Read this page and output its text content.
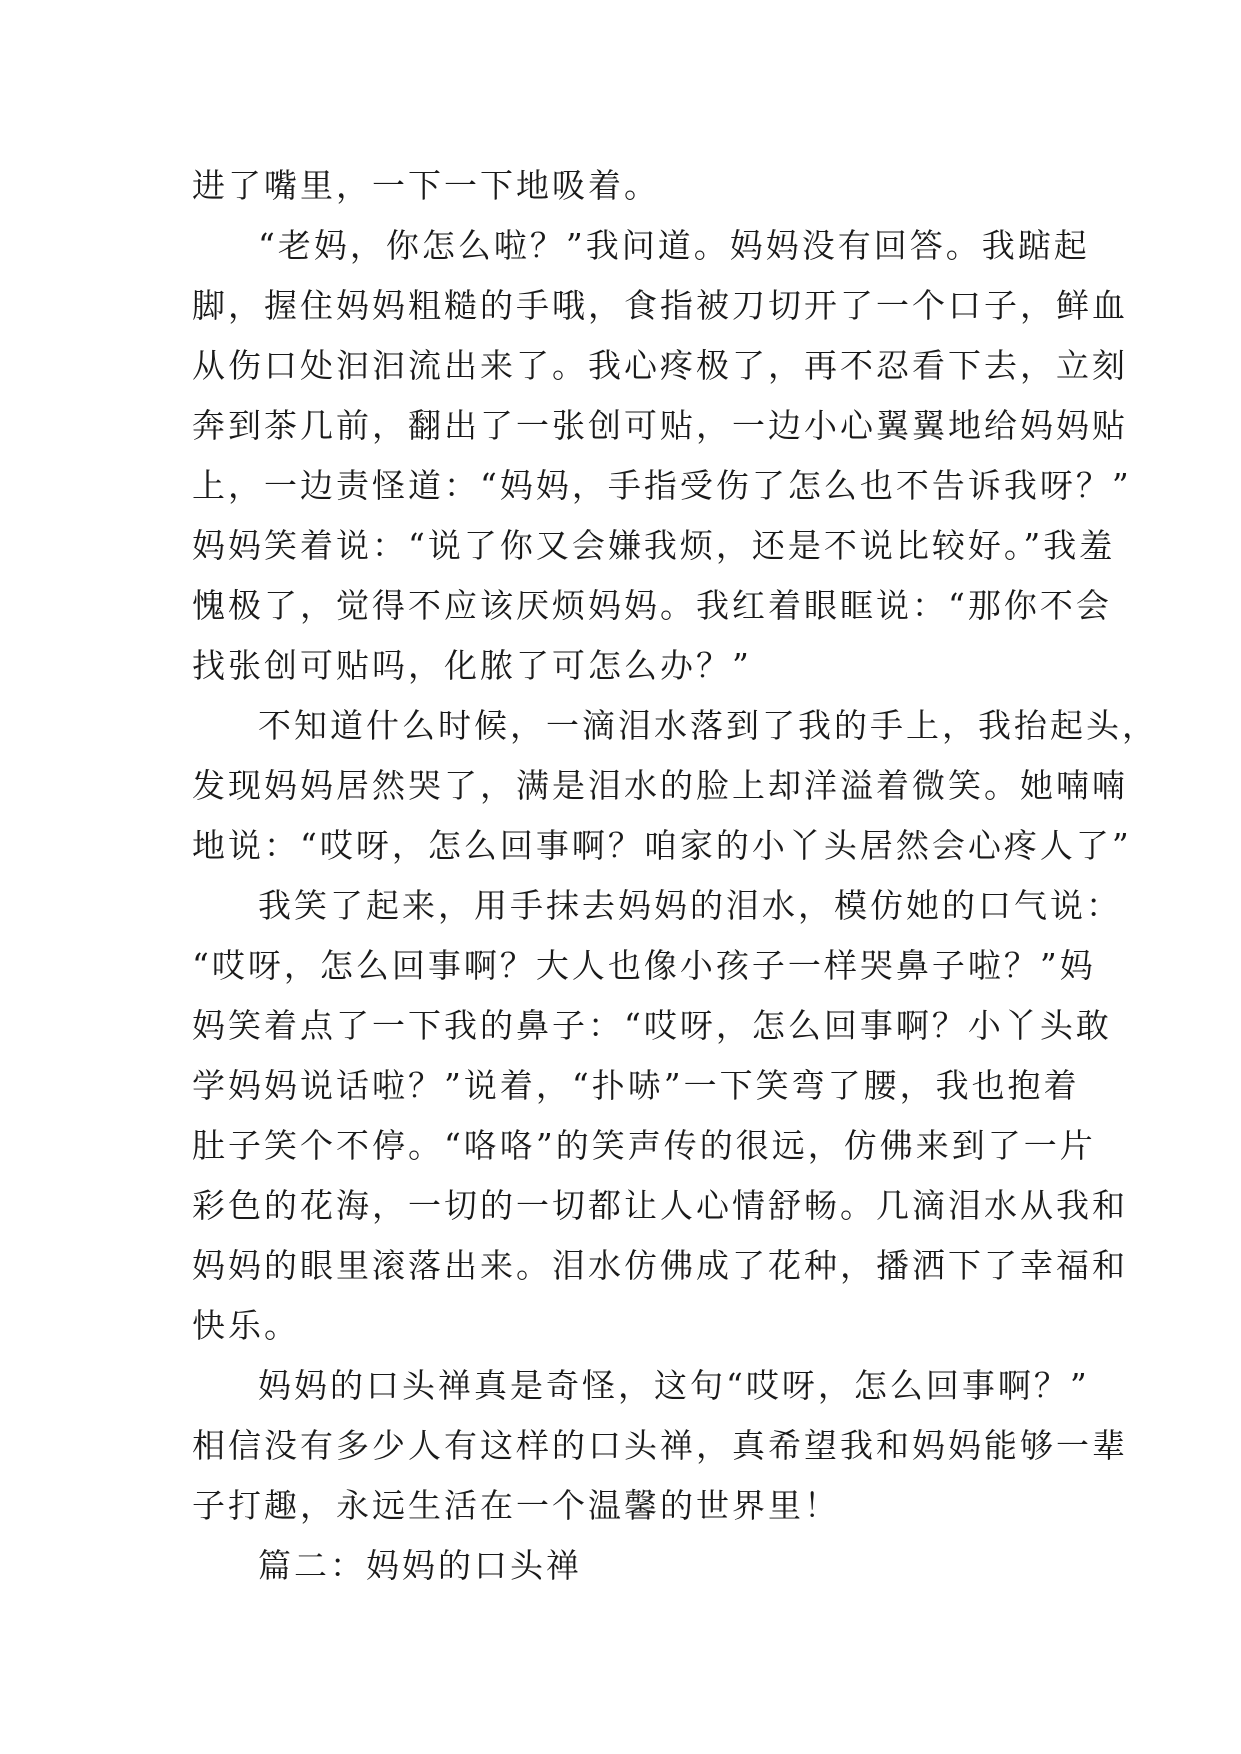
进了嘴里，一下一下地吸着。
“老妈，你怎么啦？”我问道。妈妈没有回答。我踮起
脚，握住妈妈粗糙的手哦，食指被刀切开了一个口子，鲜血
从伤口处汩汩流出来了。我心疼极了，再不忍看下去，立刻
奔到茶几前，翻出了一张创可贴，一边小心翼翼地给妈妈贴
上，一边责怪道：“妈妈，手指受伤了怎么也不告诉我呀？”
妈妈笑着说：“说了你又会嫌我烦，还是不说比较好。”我羞
愧极了，觉得不应该厌烦妈妈。我红着眼眶说：“那你不会
找张创可贴吗，化脓了可怎么办？”
不知道什么时候，一滴泪水落到了我的手上，我抬起头，
发现妈妈居然哭了，满是泪水的脸上却洋溢着微笑。她喃喃
地说：“哎呀，怎么回事啊？咱家的小丫头居然会心疼人了”
我笑了起来，用手抹去妈妈的泪水，模仿她的口气说：
“哎呀，怎么回事啊？大人也像小孩子一样哭鼻子啦？”妈
妈笑着点了一下我的鼻子：“哎呀，怎么回事啊？小丫头敢
学妈妈说话啦？”说着，“扑哧”一下笑弯了腰，我也抱着
肚子笑个不停。“咯咯”的笑声传的很远，仿佛来到了一片
彩色的花海，一切的一切都让人心情舒畅。几滴泪水从我和
妈妈的眼里滚落出来。泪水仿佛成了花种，播洒下了幸福和
快乐。
妈妈的口头禅真是奇怪，这句“哎呀，怎么回事啊？”
相信没有多少人有这样的口头禅，真希望我和妈妈能够一辈
子打趣，永远生活在一个温馨的世界里！
篇二：妈妈的口头禅
